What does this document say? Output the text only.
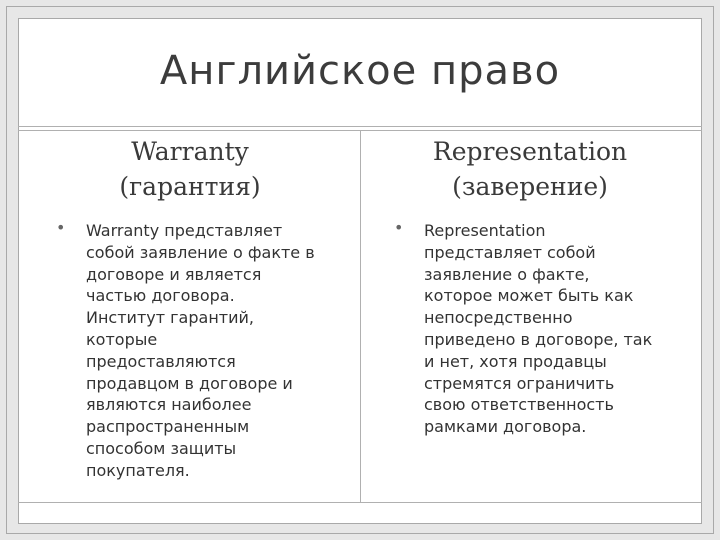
Английское право
Warranty
(гарантия)
Representation
(заверение)
• Warranty представляет
собой заявление о факте в
договоре и является
частью договора.
Институт гарантий,
которые
предоставляются
продавцом в договоре и
являются наиболее
распространенным
способом защиты
покупателя.
• Representation
представляет собой
заявление о факте,
которое может быть как
непосредственно
приведено в договоре, так
и нет, хотя продавцы
стремятся ограничить
свою ответственность
рамками договора.
